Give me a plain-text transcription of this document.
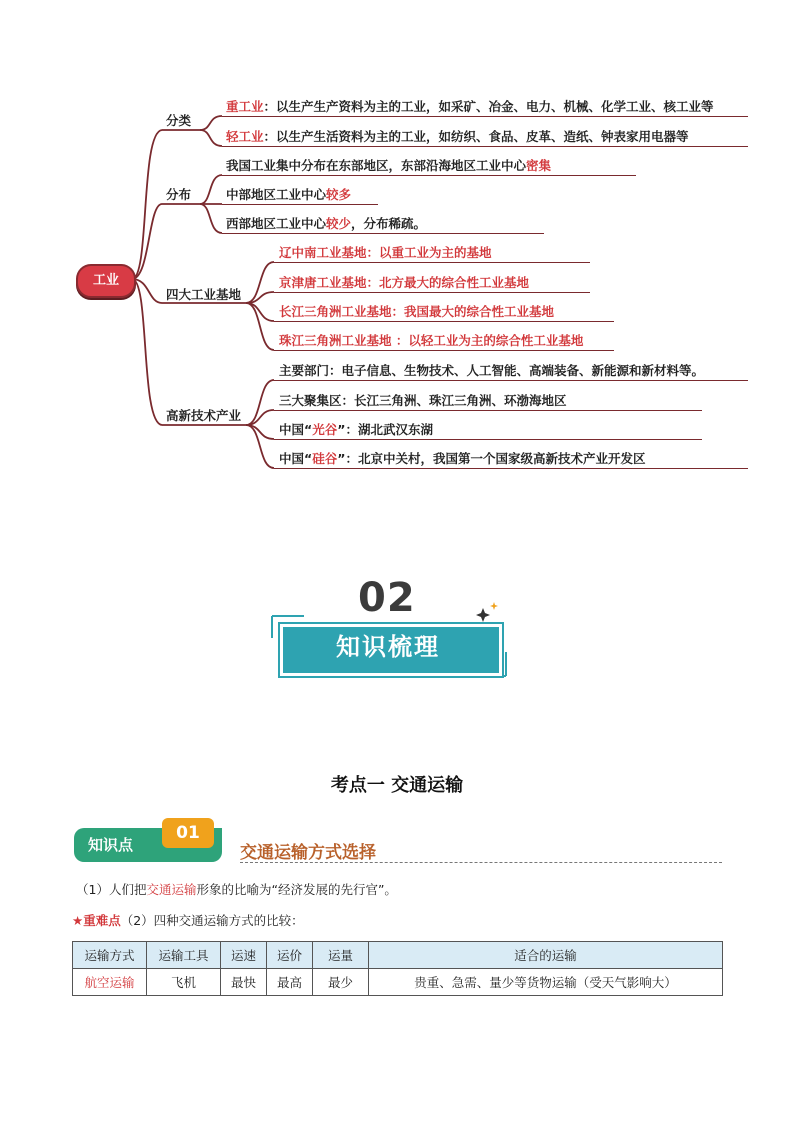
工业
分类
分布
四大工业基地
高新技术产业
重工业：以生产生产资料为主的工业，如采矿、冶金、电力、机械、化学工业、核工业等
轻工业：以生产生活资料为主的工业，如纺织、食品、皮革、造纸、钟表家用电器等
我国工业集中分布在东部地区，东部沿海地区工业中心密集
中部地区工业中心较多
西部地区工业中心较少，分布稀疏。
辽中南工业基地：以重工业为主的基地
京津唐工业基地：北方最大的综合性工业基地
长江三角洲工业基地：我国最大的综合性工业基地
珠江三角洲工业基地 ：以轻工业为主的综合性工业基地
主要部门：电子信息、生物技术、人工智能、高端装备、新能源和新材料等。
三大聚集区：长江三角洲、珠江三角洲、环渤海地区
中国“光谷”：湖北武汉东湖
中国“硅谷”：北京中关村，我国第一个国家级高新技术产业开发区
02
知识梳理
考点一 交通运输
知识点
01
交通运输方式选择
（1）人们把交通运输形象的比喻为“经济发展的先行官”。
★重难点（2）四种交通运输方式的比较：
运输方式	运输工具	运速	运价	运量	适合的运输
航空运输	飞机	最快	最高	最少	贵重、急需、量少等货物运输（受天气影响大）
